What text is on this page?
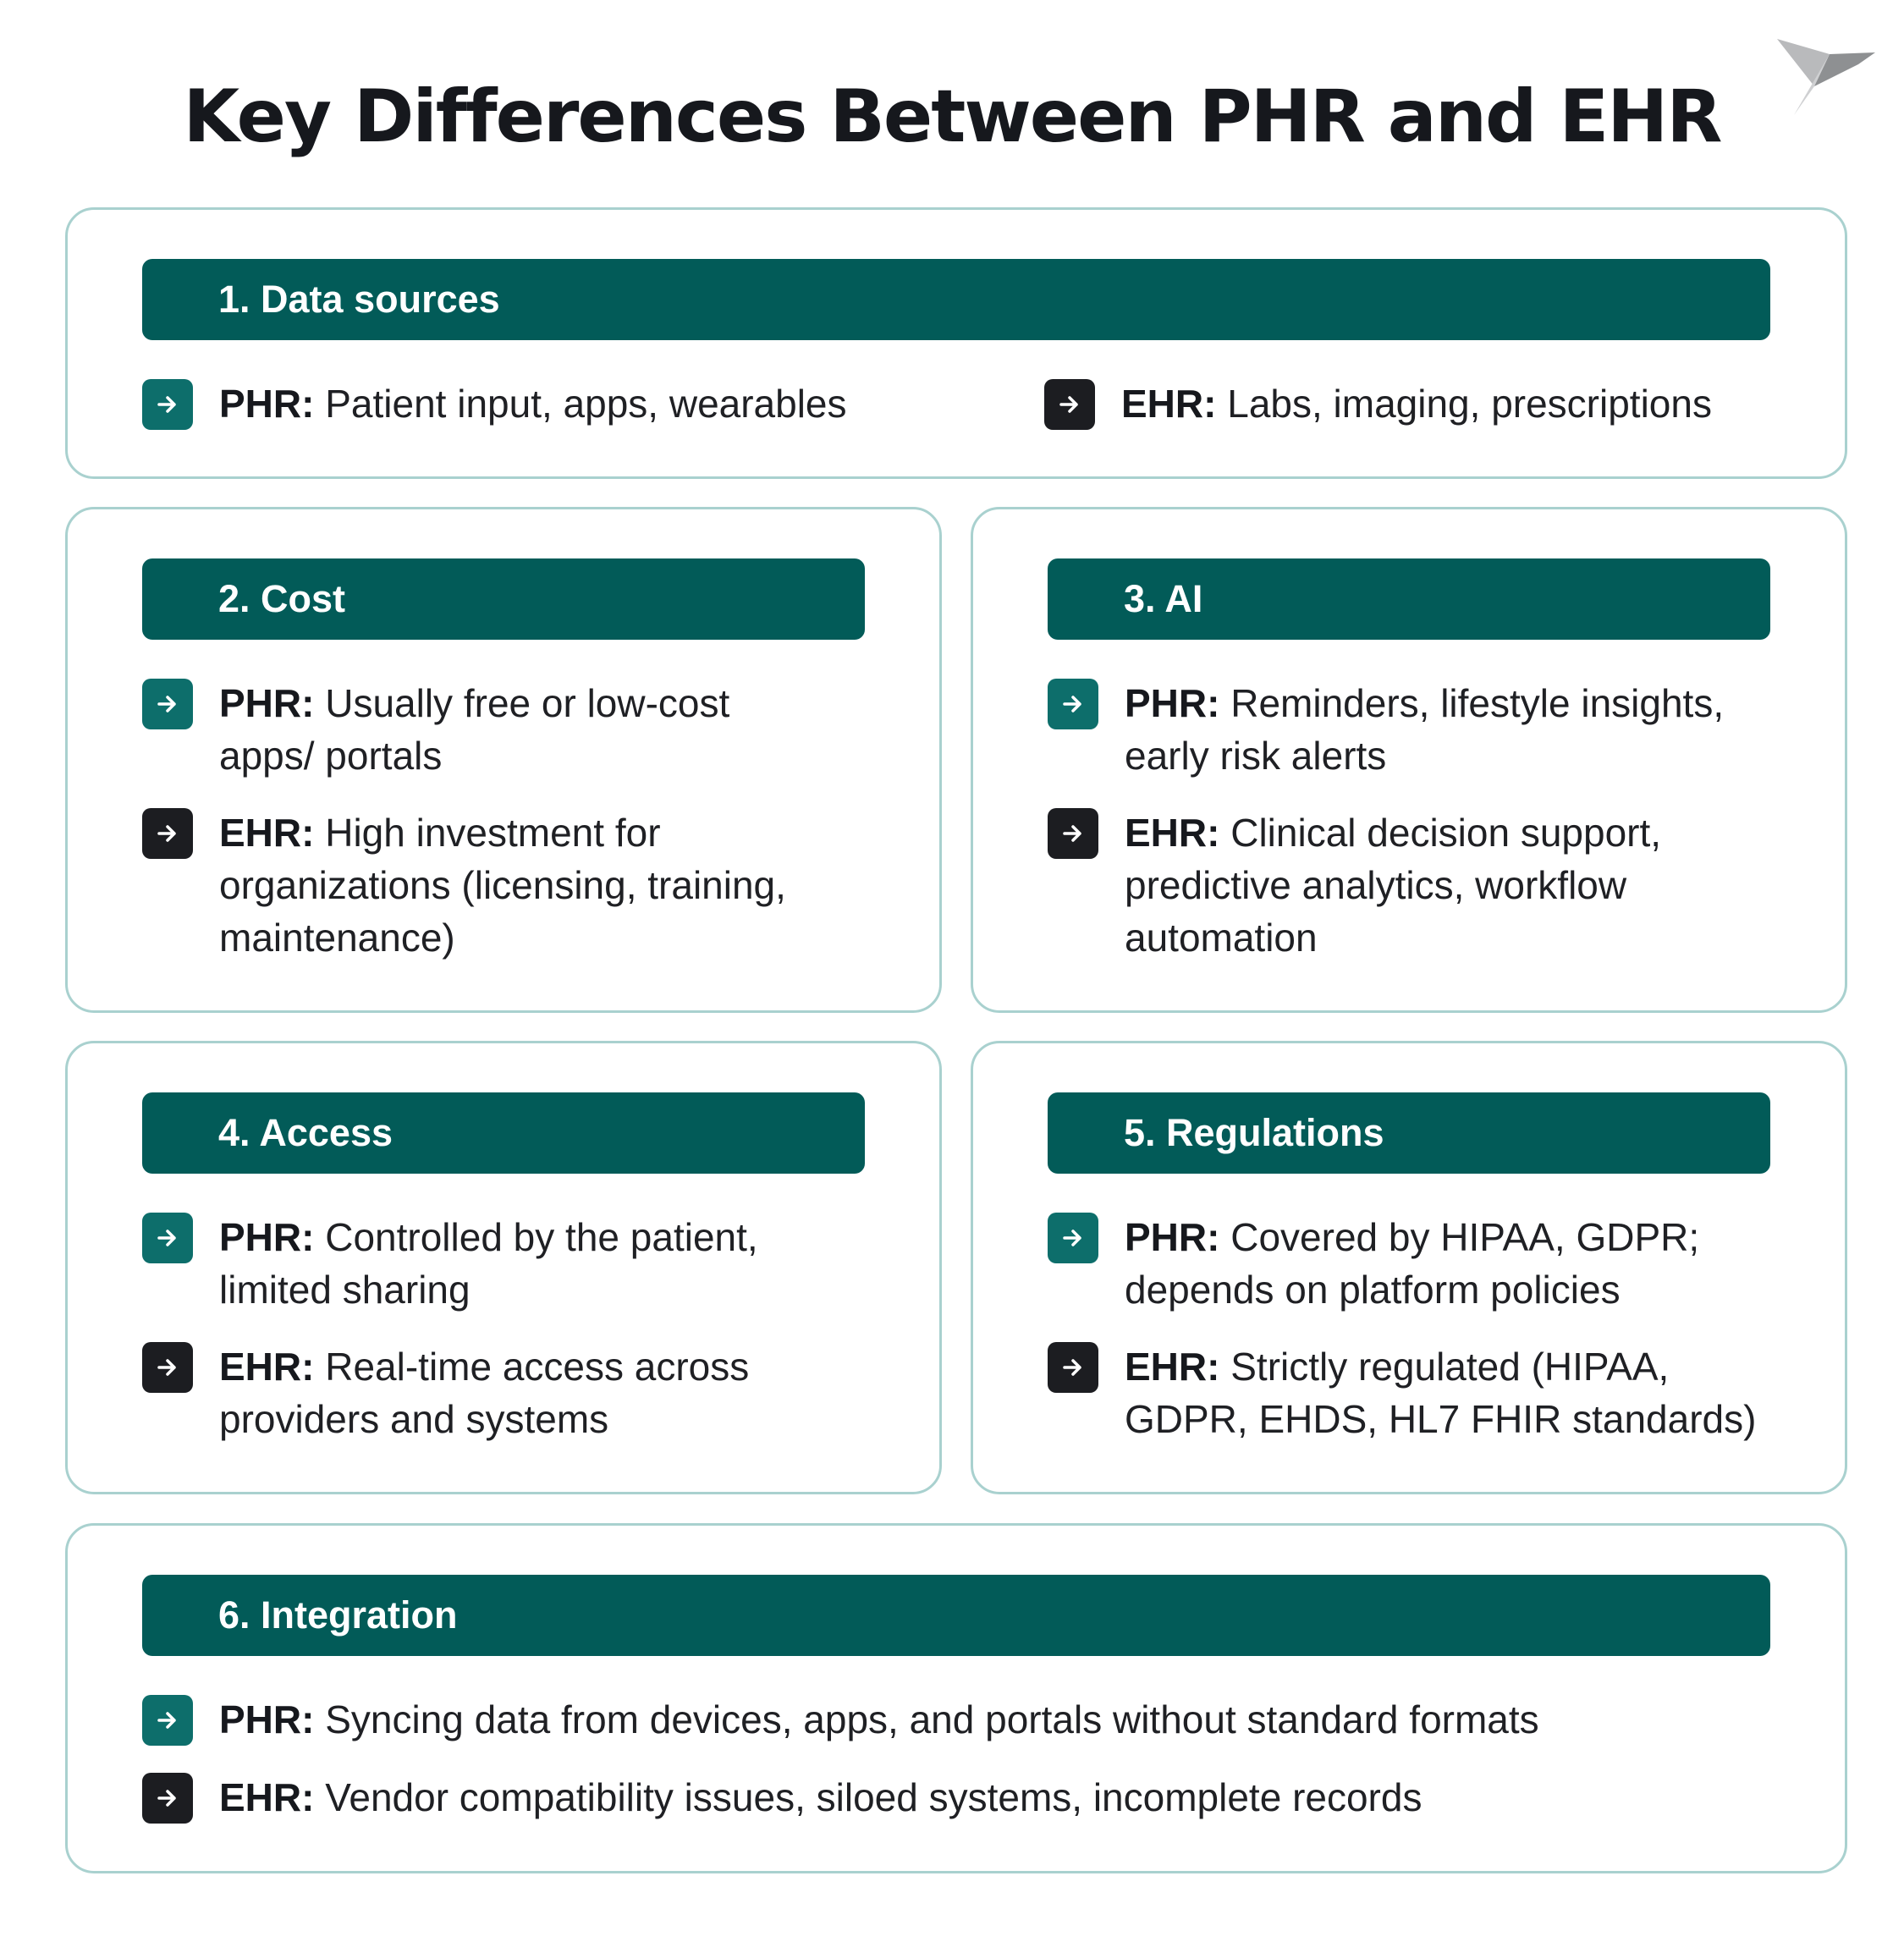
Key Differences Between PHR and EHR
1. Data sources
PHR: Patient input, apps, wearables	EHR: Labs, imaging, prescriptions
2. Cost
PHR: Usually free or low-cost apps/ portals
EHR: High investment for organizations (licensing, training, maintenance)
3. AI
PHR: Reminders, lifestyle insights, early risk alerts
EHR: Clinical decision support, predictive analytics, workflow automation
4. Access
PHR: Controlled by the patient, limited sharing
EHR: Real-time access across providers and systems
5. Regulations
PHR: Covered by HIPAA, GDPR; depends on platform policies
EHR: Strictly regulated (HIPAA, GDPR, EHDS, HL7 FHIR standards)
6. Integration
PHR: Syncing data from devices, apps, and portals without standard formats
EHR: Vendor compatibility issues, siloed systems, incomplete records
